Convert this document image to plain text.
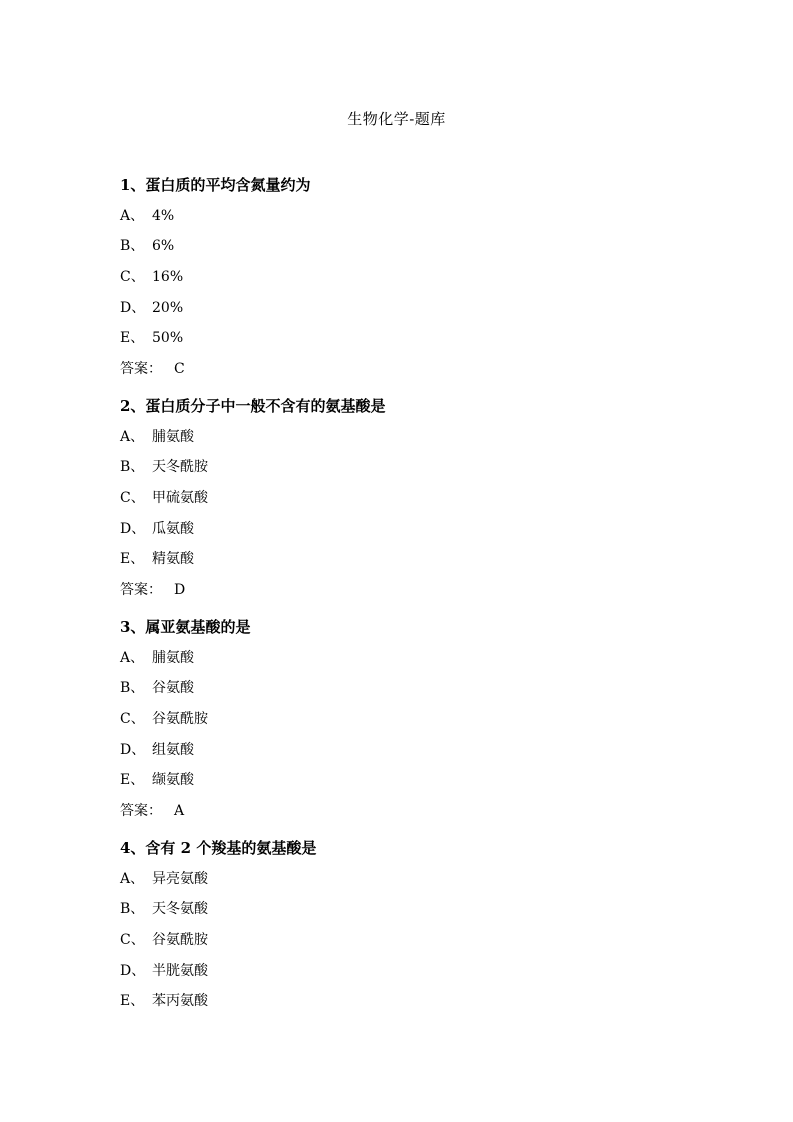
生物化学-题库
1、蛋白质的平均含氮量约为
A、 4%
B、 6%
C、 16%
D、 20%
E、 50%
答案： C
2、蛋白质分子中一般不含有的氨基酸是
A、 脯氨酸
B、 天冬酰胺
C、 甲硫氨酸
D、 瓜氨酸
E、 精氨酸
答案： D
3、属亚氨基酸的是
A、 脯氨酸
B、 谷氨酸
C、 谷氨酰胺
D、 组氨酸
E、 缬氨酸
答案： A
4、含有 2 个羧基的氨基酸是
A、 异亮氨酸
B、 天冬氨酸
C、 谷氨酰胺
D、 半胱氨酸
E、 苯丙氨酸
